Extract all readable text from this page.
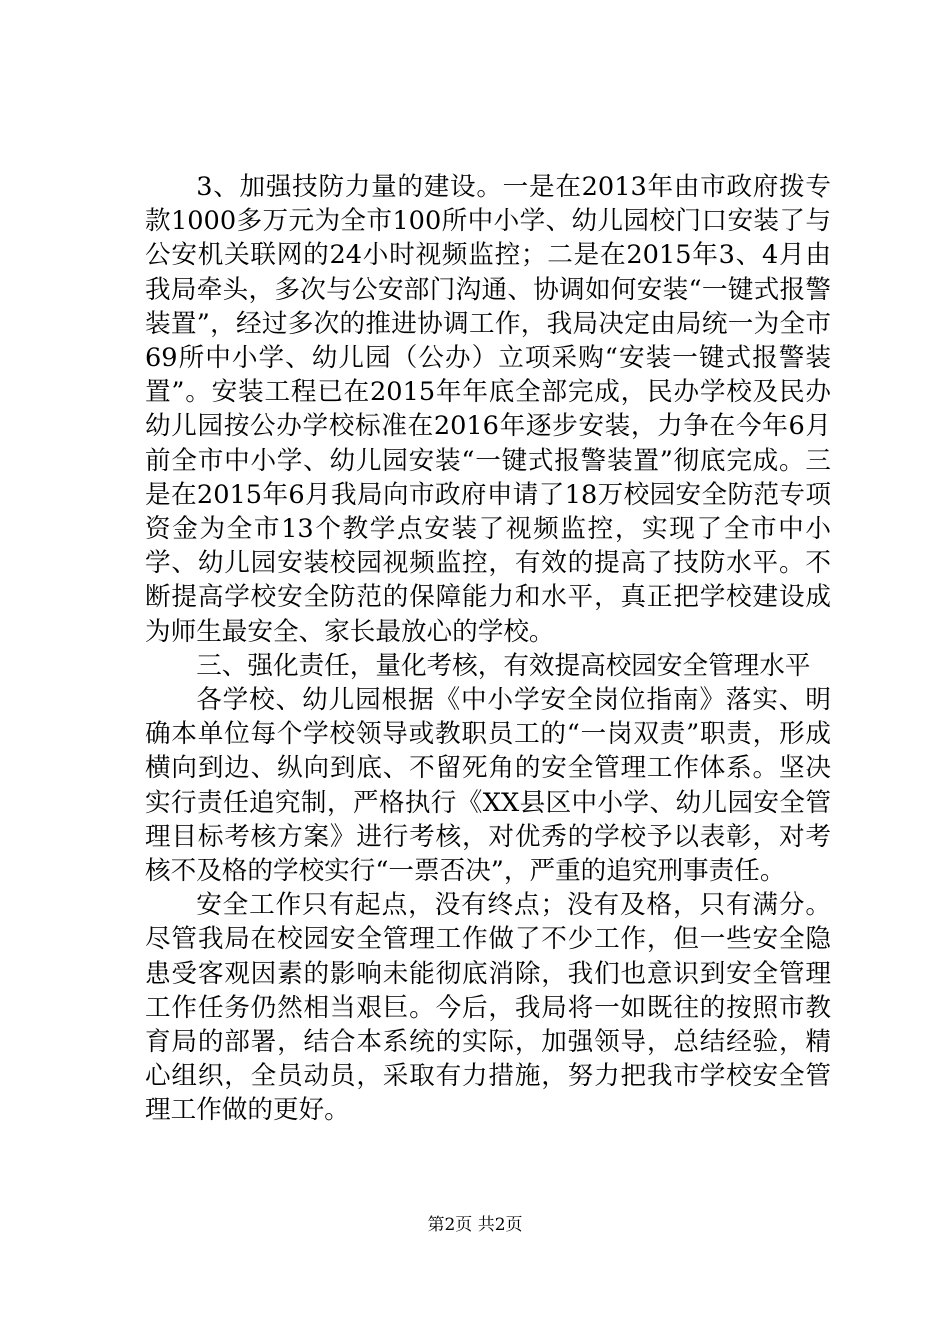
3、加强技防力量的建设。一是在2013年由市政府拨专款1000多万元为全市100所中小学、幼儿园校门口安装了与公安机关联网的24小时视频监控；二是在2015年3、4月由我局牵头，多次与公安部门沟通、协调如何安装“一键式报警装置”，经过多次的推进协调工作，我局决定由局统一为全市69所中小学、幼儿园（公办）立项采购“安装一键式报警装置”。安装工程已在2015年年底全部完成，民办学校及民办幼儿园按公办学校标准在2016年逐步安装，力争在今年6月前全市中小学、幼儿园安装“一键式报警装置”彻底完成。三是在2015年6月我局向市政府申请了18万校园安全防范专项资金为全市13个教学点安装了视频监控，实现了全市中小学、幼儿园安装校园视频监控，有效的提高了技防水平。不断提高学校安全防范的保障能力和水平，真正把学校建设成为师生最安全、家长最放心的学校。

三、强化责任，量化考核，有效提高校园安全管理水平

各学校、幼儿园根据《中小学安全岗位指南》落实、明确本单位每个学校领导或教职员工的“一岗双责”职责，形成横向到边、纵向到底、不留死角的安全管理工作体系。坚决实行责任追究制，严格执行《XX县区中小学、幼儿园安全管理目标考核方案》进行考核，对优秀的学校予以表彰，对考核不及格的学校实行“一票否决”，严重的追究刑事责任。

安全工作只有起点，没有终点；没有及格，只有满分。尽管我局在校园安全管理工作做了不少工作，但一些安全隐患受客观因素的影响未能彻底消除，我们也意识到安全管理工作任务仍然相当艰巨。今后，我局将一如既往的按照市教育局的部署，结合本系统的实际，加强领导，总结经验，精心组织，全员动员，采取有力措施，努力把我市学校安全管理工作做的更好。

第2页 共2页
